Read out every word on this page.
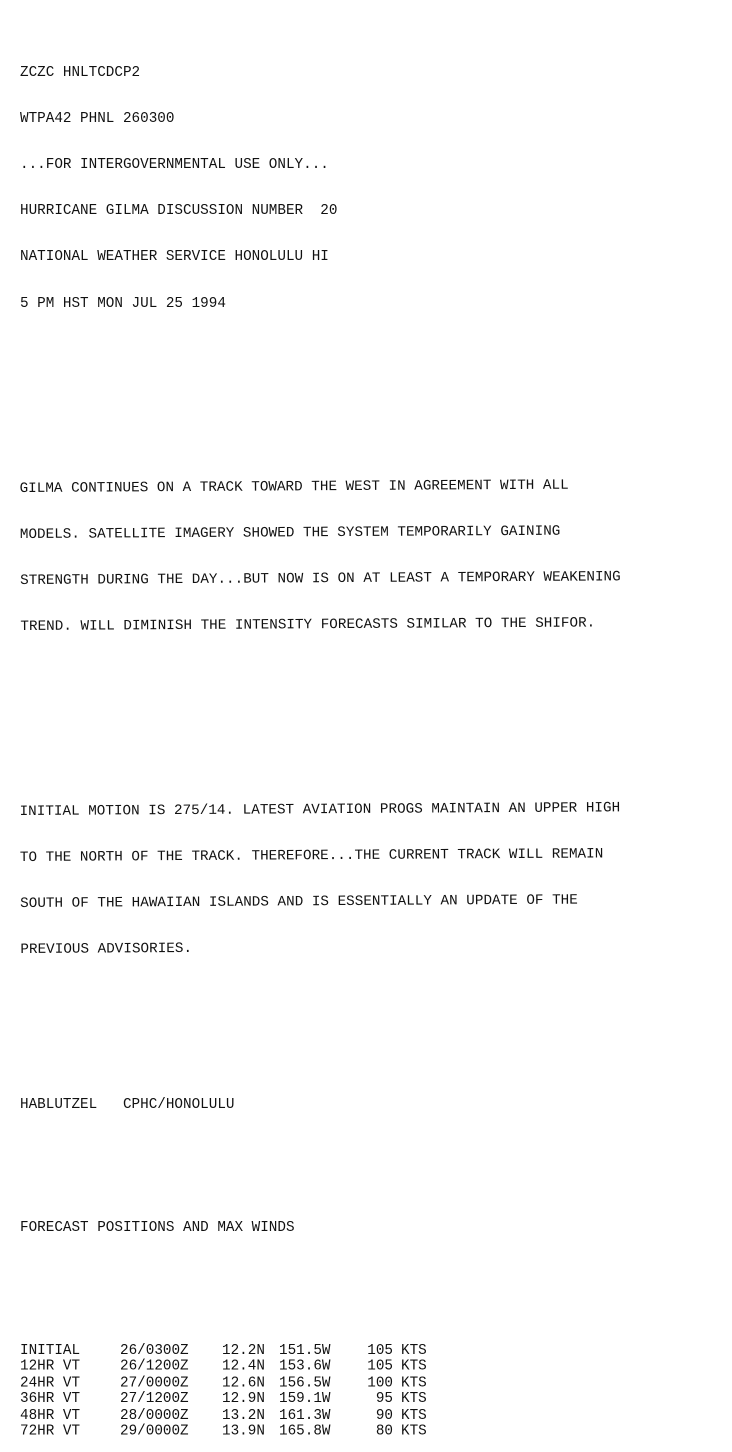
ZCZC HNLTCDCP2

WTPA42 PHNL 260300

...FOR INTERGOVERNMENTAL USE ONLY...

HURRICANE GILMA DISCUSSION NUMBER  20

NATIONAL WEATHER SERVICE HONOLULU HI

5 PM HST MON JUL 25 1994

GILMA CONTINUES ON A TRACK TOWARD THE WEST IN AGREEMENT WITH ALL

MODELS. SATELLITE IMAGERY SHOWED THE SYSTEM TEMPORARILY GAINING

STRENGTH DURING THE DAY...BUT NOW IS ON AT LEAST A TEMPORARY WEAKENING

TREND. WILL DIMINISH THE INTENSITY FORECASTS SIMILAR TO THE SHIFOR.

INITIAL MOTION IS 275/14. LATEST AVIATION PROGS MAINTAIN AN UPPER HIGH

TO THE NORTH OF THE TRACK. THEREFORE...THE CURRENT TRACK WILL REMAIN

SOUTH OF THE HAWAIIAN ISLANDS AND IS ESSENTIALLY AN UPDATE OF THE

PREVIOUS ADVISORIES.

HABLUTZEL   CPHC/HONOLULU

FORECAST POSITIONS AND MAX WINDS

INITIAL	26/0300Z 12.2N 151.5W	105 KTS
12HR VT	26/1200Z 12.4N 153.6W	105 KTS
24HR VT	27/0000Z 12.6N 156.5W	100 KTS
36HR VT	27/1200Z 12.9N 159.1W	95 KTS
48HR VT	28/0000Z 13.2N 161.3W	90 KTS
72HR VT	29/0000Z 13.9N 165.8W	80 KTS
